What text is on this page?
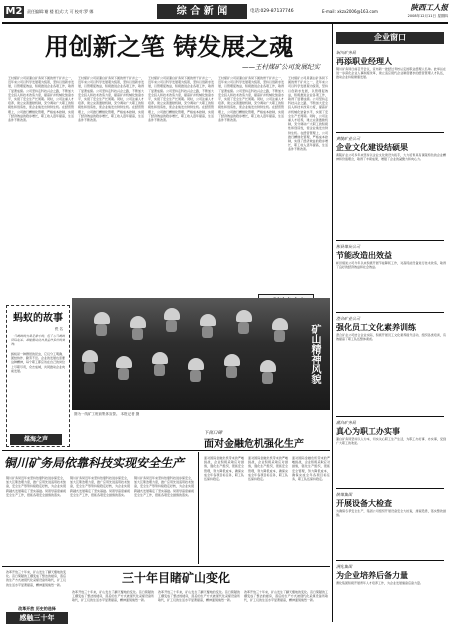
M2	责任编辑:谢 楼 组式:大 可 校对:罗 娜	综 合 新 闻	电话:029-87137746	E-mail: xkzx2006@163.com	陕西工人报
2008年12月11日 星期四
用创新之笔 铸发展之魂
——王村煤矿公司发展纪实
王村煤矿公司是蒲白矿务局下属的骨干矿井之一，近年来公司以科学发展观为统领，坚持以创新求发展，以管理促效益，积极推进企业各项工作，取得了显著成绩。公司坚持走科技兴企之路，不断加大安全投入和技术改造力度，提高矿井机械化装备水平，实现了安全生产长周期。同时，公司注重人才培养，建立完善激励机制，充分调动广大职工的积极性和创造性，使企业焕发出勃勃生机。在经营管理上，公司推行精细化管理，严格成本控制，实现了经济效益的稳步增长，职工收入逐年提高，生活条件不断改善。
王村煤矿公司是蒲白矿务局下属的骨干矿井之一，近年来公司以科学发展观为统领，坚持以创新求发展，以管理促效益，积极推进企业各项工作，取得了显著成绩。公司坚持走科技兴企之路，不断加大安全投入和技术改造力度，提高矿井机械化装备水平，实现了安全生产长周期。同时，公司注重人才培养，建立完善激励机制，充分调动广大职工的积极性和创造性，使企业焕发出勃勃生机。在经营管理上，公司推行精细化管理，严格成本控制，实现了经济效益的稳步增长，职工收入逐年提高，生活条件不断改善。
王村煤矿公司是蒲白矿务局下属的骨干矿井之一，近年来公司以科学发展观为统领，坚持以创新求发展，以管理促效益，积极推进企业各项工作，取得了显著成绩。公司坚持走科技兴企之路，不断加大安全投入和技术改造力度，提高矿井机械化装备水平，实现了安全生产长周期。同时，公司注重人才培养，建立完善激励机制，充分调动广大职工的积极性和创造性，使企业焕发出勃勃生机。在经营管理上，公司推行精细化管理，严格成本控制，实现了经济效益的稳步增长，职工收入逐年提高，生活条件不断改善。
王村煤矿公司是蒲白矿务局下属的骨干矿井之一，近年来公司以科学发展观为统领，坚持以创新求发展，以管理促效益，积极推进企业各项工作，取得了显著成绩。公司坚持走科技兴企之路，不断加大安全投入和技术改造力度，提高矿井机械化装备水平，实现了安全生产长周期。同时，公司注重人才培养，建立完善激励机制，充分调动广大职工的积极性和创造性，使企业焕发出勃勃生机。在经营管理上，公司推行精细化管理，严格成本控制，实现了经济效益的稳步增长，职工收入逐年提高，生活条件不断改善。
王村煤矿公司是蒲白矿务局下属的骨干矿井之一，近年来公司以科学发展观为统领，坚持以创新求发展，以管理促效益，积极推进企业各项工作，取得了显著成绩。公司坚持走科技兴企之路，不断加大安全投入和技术改造力度，提高矿井机械化装备水平，实现了安全生产长周期。同时，公司注重人才培养，建立完善激励机制，充分调动广大职工的积极性和创造性，使企业焕发出勃勃生机。在经营管理上，公司推行精细化管理，严格成本控制，实现了经济效益的稳步增长，职工收入逐年提高，生活条件不断改善。
蚂蚁的故事
佚 名
一只蚂蚁的力量是渺小的，但千万只蚂蚁团结起来，却能搬动比自身重许多倍的食物。
蚂蚁是一种群居的昆虫，它们分工明确、团结协作、勤劳不息。企业的发展也需要这种精神，每个职工都应该在自己的岗位上尽职尽责，众志成城，共同推动企业向前发展。
煤海之声
矿山精神风貌
图为一线矿工班前集体宣誓。 本报记者 摄
企业窗口
铜川矿务局
再添职业经理人
铜川矿务局日前召开会议，宣布新一批经过考核认定的职业经理人名单。此举旨在进一步深化企业人事制度改革，建立适应现代企业制度要求的经营管理人才队伍，推动企业持续健康发展。
黄陵矿业公司
企业文化建设结硕果
黄陵矿业公司多年来坚持以企业文化建设为抓手，大力培育具有黄陵特色的企业精神和价值理念，取得了丰硕成果，增强了企业的凝聚力和向心力。
彬县煤炭公司
节能改造出效益
彬县煤炭公司今年以来积极开展节能降耗工作，对高耗能设备进行技术改造，取得了良好的经济效益和社会效益。
澄合矿业公司
强化员工文化素养训练
澄合矿业公司结合企业实际，积极开展员工文化素养提升活动，组织各类培训，有效提高了职工队伍整体素质。
蒲白矿务局
真心为职工办实事
蒲白矿务局坚持以人为本，切实关心职工生产生活，为职工办好事、办实事，受到广大职工的欢迎。
陕煤集团
开展设备大检查
为确保冬季安全生产，集团公司组织开展设备安全大检查，排查隐患，落实整改措施。
渭化集团
为企业培养后备力量
渭化集团积极开展青年人才培养工作，为企业发展储备后备力量。
铜川矿务局依靠科技实现安全生产
铜川矿务局近年来坚持依靠科技进步保安全，加大瓦斯治理力度，推广应用先进适用技术装备，安全生产形势持续稳定好转，为企业实现跨越式发展奠定了坚实基础。局领导高度重视安全生产工作，狠抓各项安全措施的落实。
铜川矿务局近年来坚持依靠科技进步保安全，加大瓦斯治理力度，推广应用先进适用技术装备，安全生产形势持续稳定好转，为企业实现跨越式发展奠定了坚实基础。局领导高度重视安全生产工作，狠抓各项安全措施的落实。
铜川矿务局近年来坚持依靠科技进步保安全，加大瓦斯治理力度，推广应用先进适用技术装备，安全生产形势持续稳定好转，为企业实现跨越式发展奠定了坚实基础。局领导高度重视安全生产工作，狠抓各项安全措施的落实。
下岗口碑
面对金融危机强化生产
面对国际金融危机带来的严峻挑战，企业积极采取应对措施，强化生产组织，狠抓安全管理，努力降低成本，确保完成全年各项目标任务，职工队伍保持稳定。
面对国际金融危机带来的严峻挑战，企业积极采取应对措施，强化生产组织，狠抓安全管理，努力降低成本，确保完成全年各项目标任务，职工队伍保持稳定。
面对国际金融危机带来的严峻挑战，企业积极采取应对措施，强化生产组织，狠抓安全管理，努力降低成本，确保完成全年各项目标任务，职工队伍保持稳定。
改革开放三十年来，矿山发生了翻天覆地的变化。昔日简陋的工棚变成了整洁的楼房，落后的生产方式被现代化采煤设备所取代，矿工们的生活水平显著提高，精神面貌焕然一新。	三十年目睹矿山变化
改革开放三十年来，矿山发生了翻天覆地的变化。昔日简陋的工棚变成了整洁的楼房，落后的生产方式被现代化采煤设备所取代，矿工们的生活水平显著提高，精神面貌焕然一新。
改革开放三十年来，矿山发生了翻天覆地的变化。昔日简陋的工棚变成了整洁的楼房，落后的生产方式被现代化采煤设备所取代，矿工们的生活水平显著提高，精神面貌焕然一新。
改革开放三十年来，矿山发生了翻天覆地的变化。昔日简陋的工棚变成了整洁的楼房，落后的生产方式被现代化采煤设备所取代，矿工们的生活水平显著提高，精神面貌焕然一新。
改革开放 历史的选择
感触三十年
